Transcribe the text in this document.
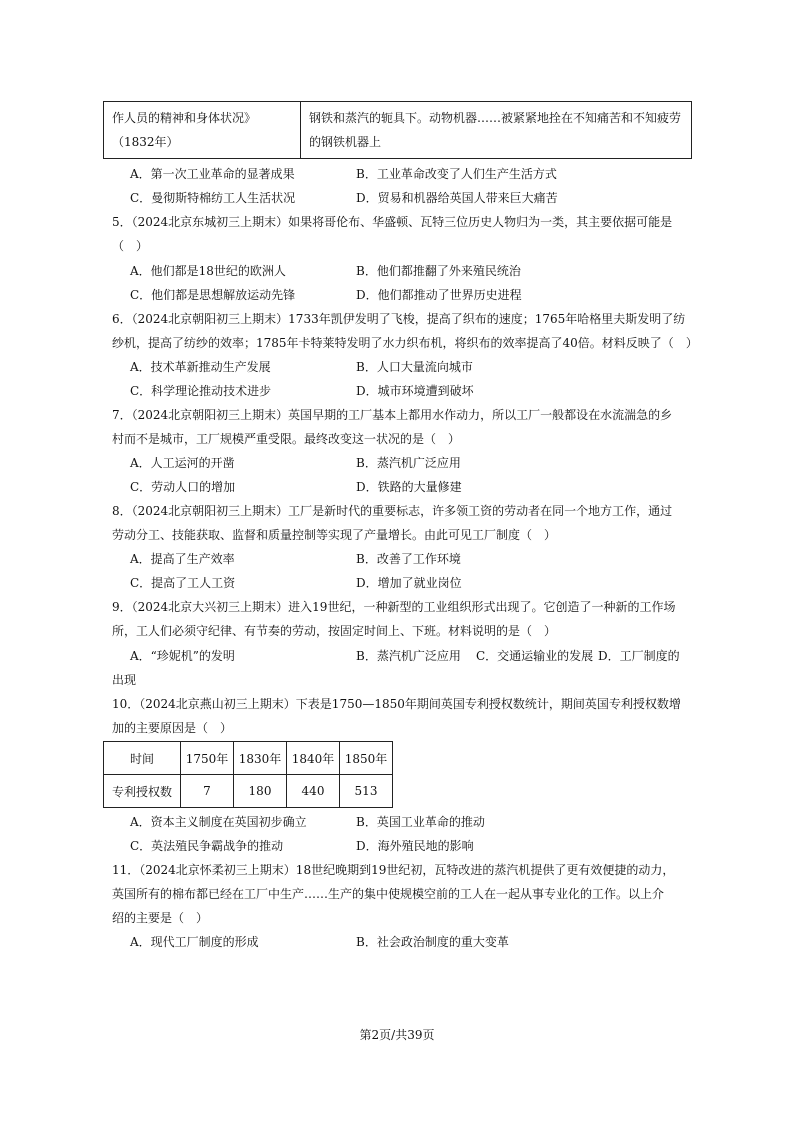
作人员的精神和身体状况》（1832年）	钢铁和蒸汽的轭具下。动物机器……被紧紧地拴在不知痛苦和不知疲劳的钢铁机器上
A．第一次工业革命的显著成果	B．工业革命改变了人们生产生活方式
C．曼彻斯特棉纺工人生活状况	D．贸易和机器给英国人带来巨大痛苦
5．（2024北京东城初三上期末）如果将哥伦布、华盛顿、瓦特三位历史人物归为一类，其主要依据可能是
（　）
A．他们都是18世纪的欧洲人	B．他们都推翻了外来殖民统治
C．他们都是思想解放运动先锋	D．他们都推动了世界历史进程
6．（2024北京朝阳初三上期末）1733年凯伊发明了飞梭，提高了织布的速度；1765年哈格里夫斯发明了纺
纱机，提高了纺纱的效率；1785年卡特莱特发明了水力织布机，将织布的效率提高了40倍。材料反映了（　）
A．技术革新推动生产发展	B．人口大量流向城市
C．科学理论推动技术进步	D．城市环境遭到破坏
7．（2024北京朝阳初三上期末）英国早期的工厂基本上都用水作动力，所以工厂一般都设在水流湍急的乡
村而不是城市，工厂规模严重受限。最终改变这一状况的是（　）
A．人工运河的开凿	B．蒸汽机广泛应用
C．劳动人口的增加	D．铁路的大量修建
8．（2024北京朝阳初三上期末）工厂是新时代的重要标志，许多领工资的劳动者在同一个地方工作，通过
劳动分工、技能获取、监督和质量控制等实现了产量增长。由此可见工厂制度（　）
A．提高了生产效率	B．改善了工作环境
C．提高了工人工资	D．增加了就业岗位
9．（2024北京大兴初三上期末）进入19世纪，一种新型的工业组织形式出现了。它创造了一种新的工作场
所，工人们必须守纪律、有节奏的劳动，按固定时间上、下班。材料说明的是（　）
A．“珍妮机”的发明	B．蒸汽机广泛应用 C．交通运输业的发展 D．工厂制度的
出现
10．（2024北京燕山初三上期末）下表是1750—1850年期间英国专利授权数统计，期间英国专利授权数增
加的主要原因是（　）
时间	1750年	1830年	1840年	1850年
专利授权数	7	180	440	513
A．资本主义制度在英国初步确立	B．英国工业革命的推动
C．英法殖民争霸战争的推动	D．海外殖民地的影响
11．（2024北京怀柔初三上期末）18世纪晚期到19世纪初，瓦特改进的蒸汽机提供了更有效便捷的动力，
英国所有的棉布都已经在工厂中生产……生产的集中使规模空前的工人在一起从事专业化的工作。以上介
绍的主要是（　）
A．现代工厂制度的形成	B．社会政治制度的重大变革
第2页/共39页
